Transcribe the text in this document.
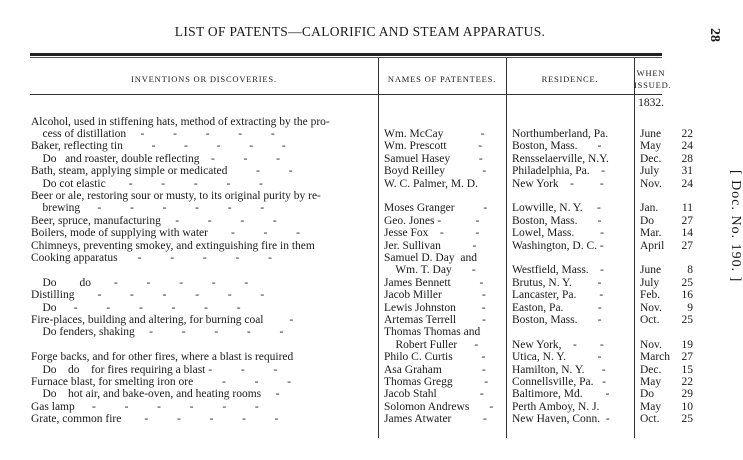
LIST OF PATENTS—CALORIFIC AND STEAM APPARATUS.	28
[ Doc. No. 190. ]
INVENTIONS OR DISCOVERIES.	NAMES OF PATENTEES.	RESIDENCE.
WHEN
ISSUED.
1832.
Alcohol, used in stiffening hats, method of extracting by the pro-
cess of distillation     -          -          -          -          -	Wm. McCay             - Northumberland, Pa.	June 22
Baker, reflecting tin          -          -          -          -          -	Wm. Prescott           -	Boston, Mass.       -	May 24
Do   and roaster, double reflecting    -          -          -	Samuel Hasey          -	Rensselaerville, N.Y.	Dec. 28
Bath, steam, applying simple or medicated          -          -	Boyd Reilley             - Philadelphia, Pa.    -	July 31
Do cot elastic        -          -          -          -          -	W. C. Palmer, M. D.	New York    -         -	Nov. 24
Beer or ale, restoring sour or musty, to its original purity by re-
brewing      -          -          -          -          -          -	Moses Granger          - Lowville, N. Y.     -	Jan. 11
Beer, spruce, manufacturing     -          -          -          -	Geo. Jones -            -	Boston, Mass.       -	Do 27
Boilers, mode of supplying with water        -          -          -	Jesse Fox    -           -	Lowel, Mass.         -	Mar. 14
Chimneys, preventing smokey, and extinguishing fire in them	Jer. Sullivan           -	Washington, D. C. -	April 27
Cooking apparatus       -          -          -          -          -	Samuel D. Day  and
Wm. T. Day       -	Westfield, Mass.    -	June	8
Do        do        -          -          -          -          -	James Bennett          - Brutus, N. Y.         -	July 25
Distilling        -          -          -          -          -          -	Jacob Miller              - Lancaster, Pa.        -	Feb. 16
Do      -          -          -          -          -          -	Lewis Johnston         - Easton, Pa.            -	Nov.	9
Fire-places, building and altering, for burning coal         -	Artemas Terrell         - Boston, Mass.       -	Oct. 25
Do fenders, shaking     -          -          -          -          -	Thomas Thomas and
Robert Fuller      -	New York,    -        -	Nov. 19
Forge backs, and for other fires, where a blast is required	Philo C. Curtis          - Utica, N. Y.           -	March 27
Do    do    for fires requiring a blast -          -          -	Asa Graham              - Hamilton, N. Y.      -	Dec. 15
Furnace blast, for smelting iron ore          -          -          -	Thomas Gregg           - Connellsville, Pa.   -	May 22
Do    hot air, and bake-oven, and heating rooms     -	Jacob Stahl               - Baltimore, Md.        -	Do 29
Gas lamp      -          -          -          -          -          -	Solomon Andrews       - Perth Amboy, N. J.	May 10
Grate, common fire        -          -          -          -          -	James Atwater           - New Haven, Conn.  -	Oct. 25
